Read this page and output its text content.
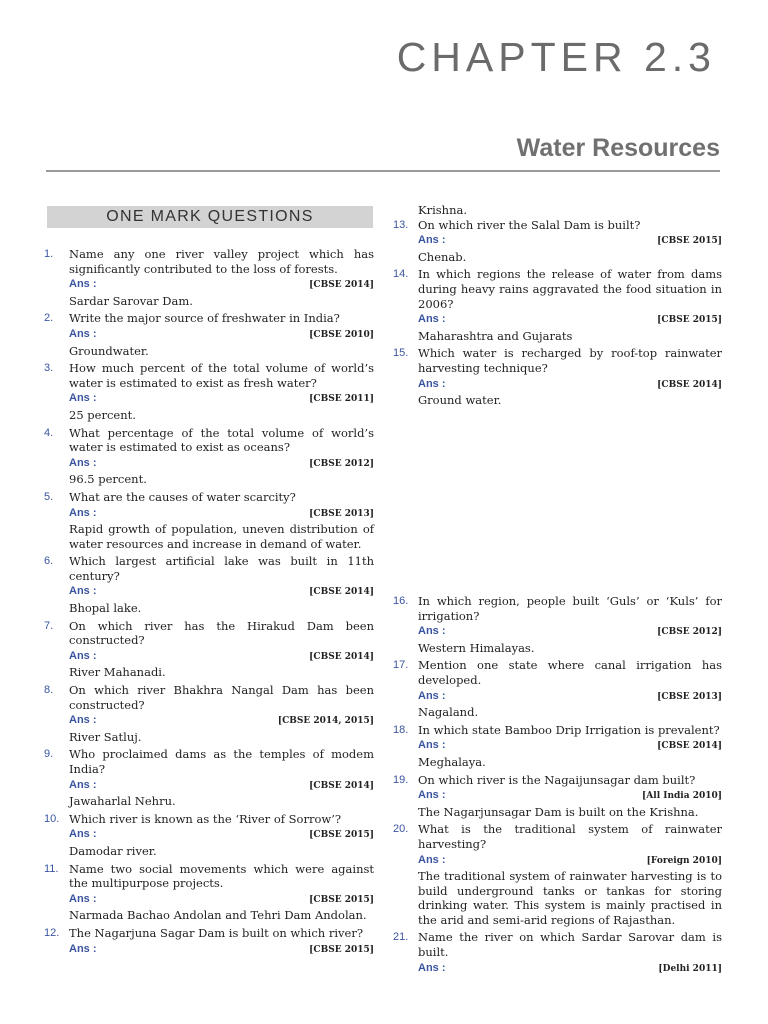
CHAPTER 2.3
Water Resources
ONE MARK QUESTIONS
1. Name any one river valley project which has significantly contributed to the loss of forests.
Ans :	[CBSE 2014]
Sardar Sarovar Dam.
2. Write the major source of freshwater in India?
Ans :	[CBSE 2010]
Groundwater.
3. How much percent of the total volume of world’s water is estimated to exist as fresh water?
Ans :	[CBSE 2011]
25 percent.
4. What percentage of the total volume of world’s water is estimated to exist as oceans?
Ans :	[CBSE 2012]
96.5 percent.
5. What are the causes of water scarcity?
Ans :	[CBSE 2013]
Rapid growth of population, uneven distribution of water resources and increase in demand of water.
6. Which largest artificial lake was built in 11th century?
Ans :	[CBSE 2014]
Bhopal lake.
7. On which river has the Hirakud Dam been constructed?
Ans :	[CBSE 2014]
River Mahanadi.
8. On which river Bhakhra Nangal Dam has been constructed?
Ans :	[CBSE 2014, 2015]
River Satluj.
9. Who proclaimed dams as the temples of modem India?
Ans :	[CBSE 2014]
Jawaharlal Nehru.
10. Which river is known as the ‘River of Sorrow’?
Ans :	[CBSE 2015]
Damodar river.
11. Name two social movements which were against the multipurpose projects.
Ans :	[CBSE 2015]
Narmada Bachao Andolan and Tehri Dam Andolan.
12. The Nagarjuna Sagar Dam is built on which river?
Ans :	[CBSE 2015]
Krishna.
13. On which river the Salal Dam is built?
Ans :	[CBSE 2015]
Chenab.
14. In which regions the release of water from dams during heavy rains aggravated the food situation in 2006?
Ans :	[CBSE 2015]
Maharashtra and Gujarats
15. Which water is recharged by roof-top rainwater harvesting technique?
Ans :	[CBSE 2014]
Ground water.
16. In which region, people built ‘Guls’ or ‘Kuls’ for irrigation?
Ans :	[CBSE 2012]
Western Himalayas.
17. Mention one state where canal irrigation has developed.
Ans :	[CBSE 2013]
Nagaland.
18. In which state Bamboo Drip Irrigation is prevalent?
Ans :	[CBSE 2014]
Meghalaya.
19. On which river is the Nagaijunsagar dam built?
Ans :	[All India 2010]
The Nagarjunsagar Dam is built on the Krishna.
20. What is the traditional system of rainwater harvesting?
Ans :	[Foreign 2010]
The traditional system of rainwater harvesting is to build underground tanks or tankas for storing drinking water. This system is mainly practised in the arid and semi-arid regions of Rajasthan.
21. Name the river on which Sardar Sarovar dam is built.
Ans :	[Delhi 2011]
